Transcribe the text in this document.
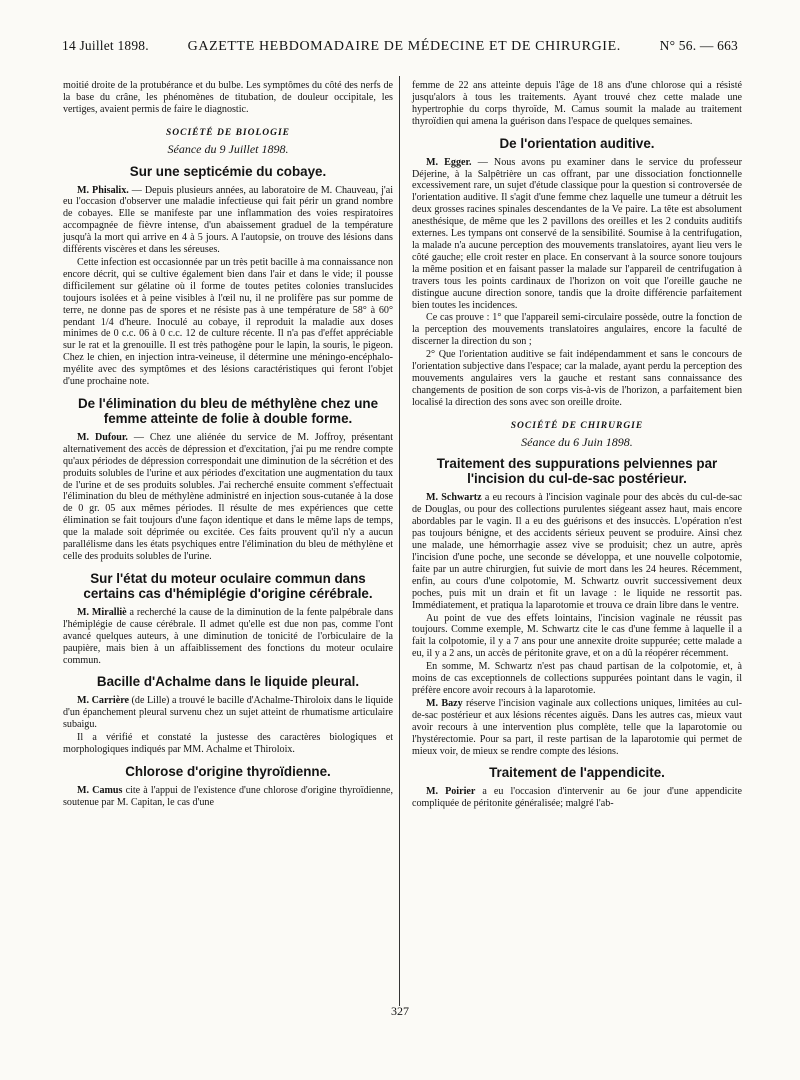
14 Juillet 1898.	GAZETTE HEBDOMADAIRE DE MÉDECINE ET DE CHIRURGIE.	N° 56. — 663

moitié droite de la protubérance et du bulbe. Les symptômes du côté des nerfs de la base du crâne, les phénomènes de titubation, de douleur occipitale, les vertiges, avaient permis de faire le diagnostic.

SOCIÉTÉ DE BIOLOGIE
Séance du 9 Juillet 1898.
Sur une septicémie du cobaye.

M. Phisalix. — Depuis plusieurs années, au laboratoire de M. Chauveau, j'ai eu l'occasion d'observer une maladie infectieuse qui fait périr un grand nombre de cobayes. Elle se manifeste par une inflammation des voies respiratoires accompagnée de fièvre intense, d'un abaissement graduel de la température jusqu'à la mort qui arrive en 4 à 5 jours. A l'autopsie, on trouve des lésions dans différents viscères et dans les séreuses.

Cette infection est occasionnée par un très petit bacille à ma connaissance non encore décrit, qui se cultive également bien dans l'air et dans le vide; il pousse difficilement sur gélatine où il forme de toutes petites colonies translucides toujours isolées et à peine visibles à l'œil nu, il ne prolifère pas sur pomme de terre, ne donne pas de spores et ne résiste pas à une température de 58° à 60° pendant 1/4 d'heure. Inoculé au cobaye, il reproduit la maladie aux doses minimes de 0 c.c. 06 à 0 c.c. 12 de culture récente. Il n'a pas d'effet appréciable sur le rat et la grenouille. Il est très pathogène pour le lapin, la souris, le pigeon. Chez le chien, en injection intra-veineuse, il détermine une méningo-encéphalo-myélite avec des symptômes et des lésions caractéristiques qui feront l'objet d'une prochaine note.

De l'élimination du bleu de méthylène chez une femme atteinte de folie à double forme.

M. Dufour. — Chez une aliénée du service de M. Joffroy, présentant alternativement des accès de dépression et d'excitation, j'ai pu me rendre compte qu'aux périodes de dépression correspondait une diminution de la sécrétion et des produits solubles de l'urine et aux périodes d'excitation une augmentation du taux de l'urine et de ses produits solubles. J'ai recherché ensuite comment s'effectuait l'élimination du bleu de méthylène administré en injection sous-cutanée à la dose de 0 gr. 05 aux mêmes périodes. Il résulte de mes expériences que cette élimination se fait toujours d'une façon identique et dans le même laps de temps, que la malade soit déprimée ou excitée. Ces faits prouvent qu'il n'y a aucun parallélisme dans les états psychiques entre l'élimination du bleu de méthylène et celle des produits solubles de l'urine.

Sur l'état du moteur oculaire commun dans certains cas d'hémiplégie d'origine cérébrale.

M. Miralliè a recherché la cause de la diminution de la fente palpébrale dans l'hémiplégie de cause cérébrale. Il admet qu'elle est due non pas, comme l'ont avancé quelques auteurs, à une diminution de tonicité de l'orbiculaire de la paupière, mais bien à un affaiblissement des fonctions du moteur oculaire commun.

Bacille d'Achalme dans le liquide pleural.

M. Carrière (de Lille) a trouvé le bacille d'Achalme-Thiroloix dans le liquide d'un épanchement pleural survenu chez un sujet atteint de rhumatisme articulaire subaigu.

Il a vérifié et constaté la justesse des caractères biologiques et morphologiques indiqués par MM. Achalme et Thiroloix.

Chlorose d'origine thyroïdienne.

M. Camus cite à l'appui de l'existence d'une chlorose d'origine thyroïdienne, soutenue par M. Capitan, le cas d'une

femme de 22 ans atteinte depuis l'âge de 18 ans d'une chlorose qui a résisté jusqu'alors à tous les traitements. Ayant trouvé chez cette malade une hypertrophie du corps thyroïde, M. Camus soumit la malade au traitement thyroïdien qui amena la guérison dans l'espace de quelques semaines.

De l'orientation auditive.

M. Egger. — Nous avons pu examiner dans le service du professeur Déjerine, à la Salpêtrière un cas offrant, par une dissociation fonctionnelle excessivement rare, un sujet d'étude classique pour la question si controversée de l'orientation auditive. Il s'agit d'une femme chez laquelle une tumeur a détruit les deux grosses racines spinales descendantes de la Ve paire. La tête est absolument anesthésique, de même que les 2 pavillons des oreilles et les 2 conduits auditifs externes. Les tympans ont conservé de la sensibilité. Soumise à la centrifugation, la malade n'a aucune perception des mouvements translatoires, ayant lieu vers le côté gauche; elle croit rester en place. En conservant à la source sonore toujours la même position et en faisant passer la malade sur l'appareil de centrifugation à travers tous les points cardinaux de l'horizon on voit que l'oreille gauche ne distingue aucune direction sonore, tandis que la droite différencie parfaitement bien toutes les incidences.

Ce cas prouve : 1° que l'appareil semi-circulaire possède, outre la fonction de la perception des mouvements translatoires angulaires, encore la faculté de discerner la direction du son ;

2° Que l'orientation auditive se fait indépendamment et sans le concours de l'orientation subjective dans l'espace; car la malade, ayant perdu la perception des mouvements angulaires vers la gauche et restant sans connaissance des changements de position de son corps vis-à-vis de l'horizon, a parfaitement bien localisé la direction des sons avec son oreille droite.

SOCIÉTÉ DE CHIRURGIE
Séance du 6 Juin 1898.
Traitement des suppurations pelviennes par l'incision du cul-de-sac postérieur.

M. Schwartz a eu recours à l'incision vaginale pour des abcès du cul-de-sac de Douglas, ou pour des collections purulentes siégeant assez haut, mais encore abordables par le vagin. Il a eu des guérisons et des insuccès. L'opération n'est pas toujours bénigne, et des accidents sérieux peuvent se produire. Ainsi chez une malade, une hémorrhagie assez vive se produisit; chez un autre, après l'incision d'une poche, une seconde se développa, et une nouvelle colpotomie, faite par un autre chirurgien, fut suivie de mort dans les 24 heures. Récemment, enfin, au cours d'une colpotomie, M. Schwartz ouvrit successivement deux poches, puis mit un drain et fit un lavage : le liquide ne ressortit pas. Immédiatement, et pratiqua la laparotomie et trouva ce drain libre dans le ventre.

Au point de vue des effets lointains, l'incision vaginale ne réussit pas toujours. Comme exemple, M. Schwartz cite le cas d'une femme à laquelle il a fait la colpotomie, il y a 7 ans pour une annexite droite suppurée; cette malade a eu, il y a 2 ans, un accès de péritonite grave, et on a dû la réopérer récemment.

En somme, M. Schwartz n'est pas chaud partisan de la colpotomie, et, à moins de cas exceptionnels de collections suppurées pointant dans le vagin, il préfère encore avoir recours à la laparotomie.

M. Bazy réserve l'incision vaginale aux collections uniques, limitées au cul-de-sac postérieur et aux lésions récentes aiguës. Dans les autres cas, mieux vaut avoir recours à une intervention plus complète, telle que la laparotomie ou l'hystérectomie. Pour sa part, il reste partisan de la laparotomie qui permet de mieux voir, de mieux se rendre compte des lésions.

Traitement de l'appendicite.

M. Poirier a eu l'occasion d'intervenir au 6e jour d'une appendicite compliquée de péritonite généralisée; malgré l'ab-

327
